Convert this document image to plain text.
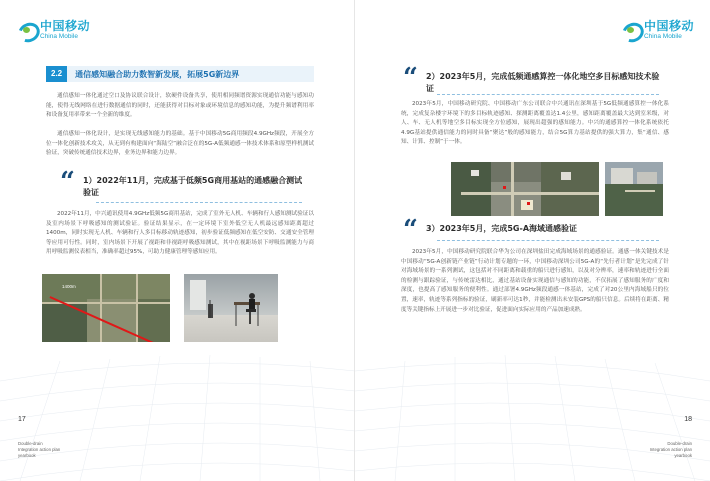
中国移动
China Mobile
2.2	通信感知融合助力数智新发展，拓展5G新边界

通信感知一体化通过空口及协议联合设计，软硬件设备共享，使用相同频谱资源实现通信功能与感知功能，使得无线网络在进行数据通信的同时，还能获得对目标对象或环境信息的感知功能，为提升频谱利用率和设备复用率带来一个全新的维度。

通信感知一体化设计，是实现无线感知能力的基础。基于中国移动5G商用频段4.9GHz频段，开展全方位一体化创新技术攻关，从无到有构建面向“海陆空”融合泛在的5G-A低频通感一体技术体系和原型样机测试验证，突破传统通信技术边界，业务边界和能力边界。

“ 1）2022年11月，完成基于低频5G商用基站的通感融合测试验证

2022年11月，中兴通讯使用4.9GHz低频5G商用基站，完成了室外无人机、车辆和行人感知测试验证以及室内场景下呼吸感知的测试验证。验证结果显示，在一定环境下室外低空无人机最远感知距离超过1400m，同时实现无人机、车辆和行人多目标移动轨迹感知，初步验证低频感知在低空安防、交通安全管理等应用可行性。同时，室内场景下开展了视距和非视距呼吸感知测试，其中在视距场景下呼吸监测能力与商用呼吸监测仪表相当，准确率超过95%，可助力健康管理等感知应用。

1400m
17
Double-drain
Integration action plan
yearbook
中国移动
China Mobile
“ 2）2023年5月，完成低频通感算控一体化地空多目标感知技术验证

2023年5月，中国移动研究院、中国移动广东公司联合中兴通讯在深圳基于5G低频通感算控一体化系统，完成复杂楼宇环境下的多目标轨迹感知、探测距离覆盖达1.4公里，感知距离覆盖最大达到室米级，对人、车、无人机等地空多目标实现全方位感知，展现出超强的感知能力。中兴的通感算控一体化系统依托4.9G基站提供通信能力的同时具备“聚达”般的感知能力，结合5G算力基站提供的强大算力，集“通信、感知、计算、控制”于一体。

“ 3）2023年5月，完成5G-A海域通感验证

2023年5月，中国移动研究院联合华为公司在深圳盐田完成海域场景的通感验证。通感一体关键技术是中国移动“5G-A创新链产业链”行动计划专题的一环，中国移动深圳公司5G-A的“先行者计划”是先完成了针对海域场景的一系列测试，这包括对不同距离和载重的船只进行感知，以及对分辨率，速率和轨迹进行全面的检测与跟踪验证，与传统雷达相比，通过基站设备实现通信与感知的功能，不仅拓展了感知服务的广度和深度，也提高了感知服务的便利性。通过部署4.9GHz频段通感一体基站，完成了对20公里内海域船只的位置，速率，轨迹等系列指标的验证，刷新率可达1秒，并能检测出未安装GPS的船只信息。后续将在距离、精度等关键指标上开展进一步对比验证，促进面向实际应用的产品加速成熟。

18
Double-drain
Integration action plan
yearbook
